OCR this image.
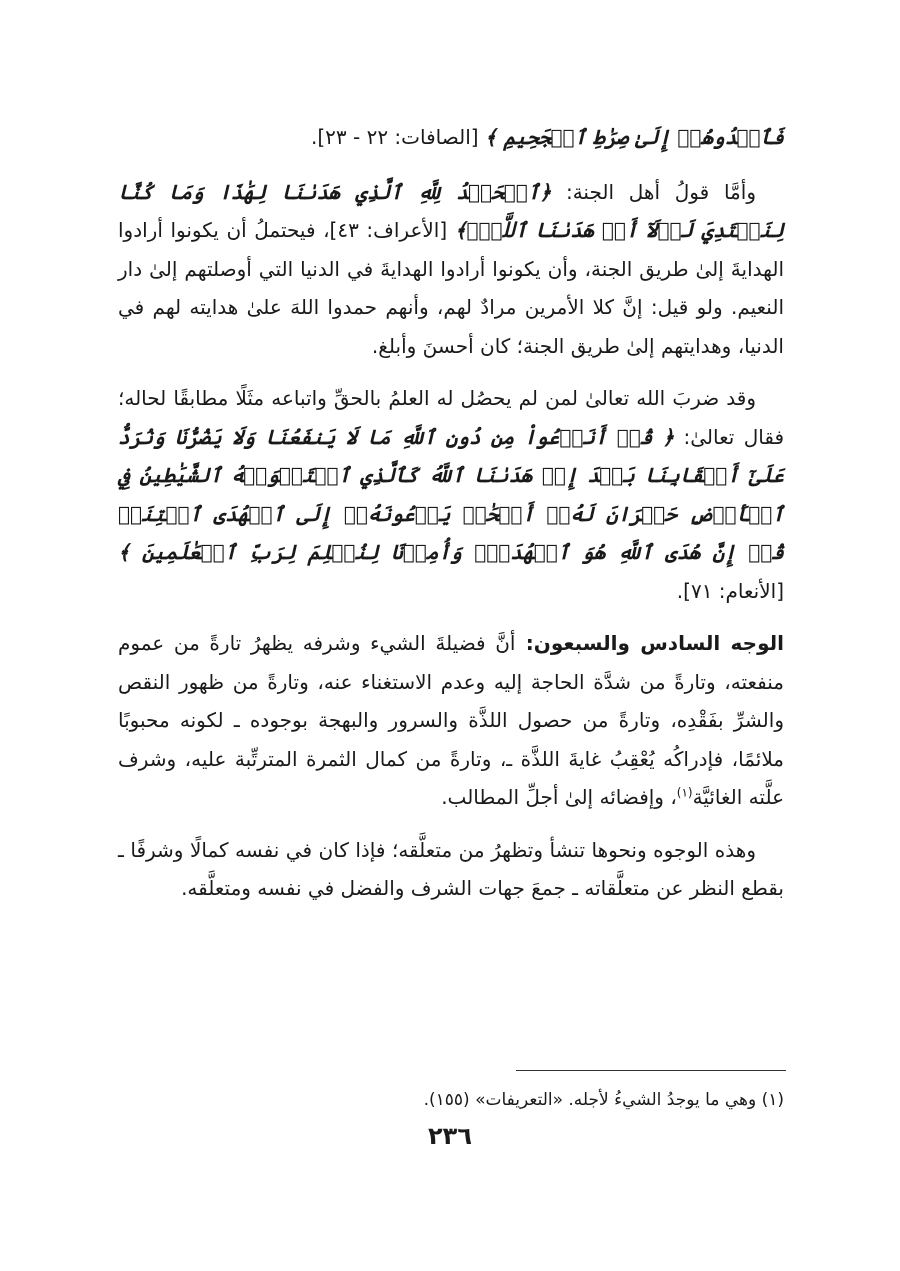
فَٱهۡدُوهُمۡ إِلَىٰ صِرَٰطِ ٱلۡجَحِيمِ ﴾ [الصافات: ٢٢ - ٢٣].

وأمَّا قولُ أهل الجنة: ﴿ٱلۡحَمۡدُ لِلَّهِ ٱلَّذِي هَدَىٰنَا لِهَٰذَا وَمَا كُنَّا لِنَهۡتَدِيَ لَوۡلَآ أَنۡ هَدَىٰنَا ٱللَّهُۖ﴾ [الأعراف: ٤٣]، فيحتملُ أن يكونوا أرادوا الهدايةَ إلىٰ طريق الجنة، وأن يكونوا أرادوا الهدايةَ في الدنيا التي أوصلتهم إلىٰ دار النعيم. ولو قيل: إنَّ كلا الأمرين مرادٌ لهم، وأنهم حمدوا اللهَ علىٰ هدايته لهم في الدنيا، وهدايتهم إلىٰ طريق الجنة؛ كان أحسنَ وأبلغ.

وقد ضربَ الله تعالىٰ لمن لم يحصُل له العلمُ بالحقِّ واتباعه مثَلًا مطابقًا لحاله؛ فقال تعالىٰ: ﴿ قُلۡ أَنَدۡعُواْ مِن دُونِ ٱللَّهِ مَا لَا يَنفَعُنَا وَلَا يَضُرُّنَا وَنُرَدُّ عَلَىٰٓ أَعۡقَابِنَا بَعۡدَ إِذۡ هَدَىٰنَا ٱللَّهُ كَٱلَّذِي ٱسۡتَهۡوَتۡهُ ٱلشَّيَٰطِينُ فِي ٱلۡأَرۡضِ حَيۡرَانَ لَهُۥٓ أَصۡحَٰبٞ يَدۡعُونَهُۥٓ إِلَى ٱلۡهُدَى ٱئۡتِنَاۗ قُلۡ إِنَّ هُدَى ٱللَّهِ هُوَ ٱلۡهُدَىٰۖ وَأُمِرۡنَا لِنُسۡلِمَ لِرَبِّ ٱلۡعَٰلَمِينَ ﴾ [الأنعام: ٧١].

الوجه السادس والسبعون: أنَّ فضيلةَ الشيء وشرفه يظهرُ تارةً من عموم منفعته، وتارةً من شدَّة الحاجة إليه وعدم الاستغناء عنه، وتارةً من ظهور النقص والشرِّ بفَقْدِه، وتارةً من حصول اللذَّة والسرور والبهجة بوجوده ـ لكونه محبوبًا ملائمًا، فإدراكُه يُعْقِبُ غايةَ اللذَّة ـ، وتارةً من كمال الثمرة المترتِّبة عليه، وشرف علَّته الغائيَّة$^{(١)}$، وإفضائه إلىٰ أجلِّ المطالب.

وهذه الوجوه ونحوها تنشأ وتظهرُ من متعلَّقه؛ فإذا كان في نفسه كمالًا وشرفًا ـ بقطع النظر عن متعلَّقاته ـ جمعَ جهات الشرف والفضل في نفسه ومتعلَّقه.

(١) وهي ما يوجدُ الشيءُ لأجله. «التعريفات» (١٥٥).
٢٣٦
